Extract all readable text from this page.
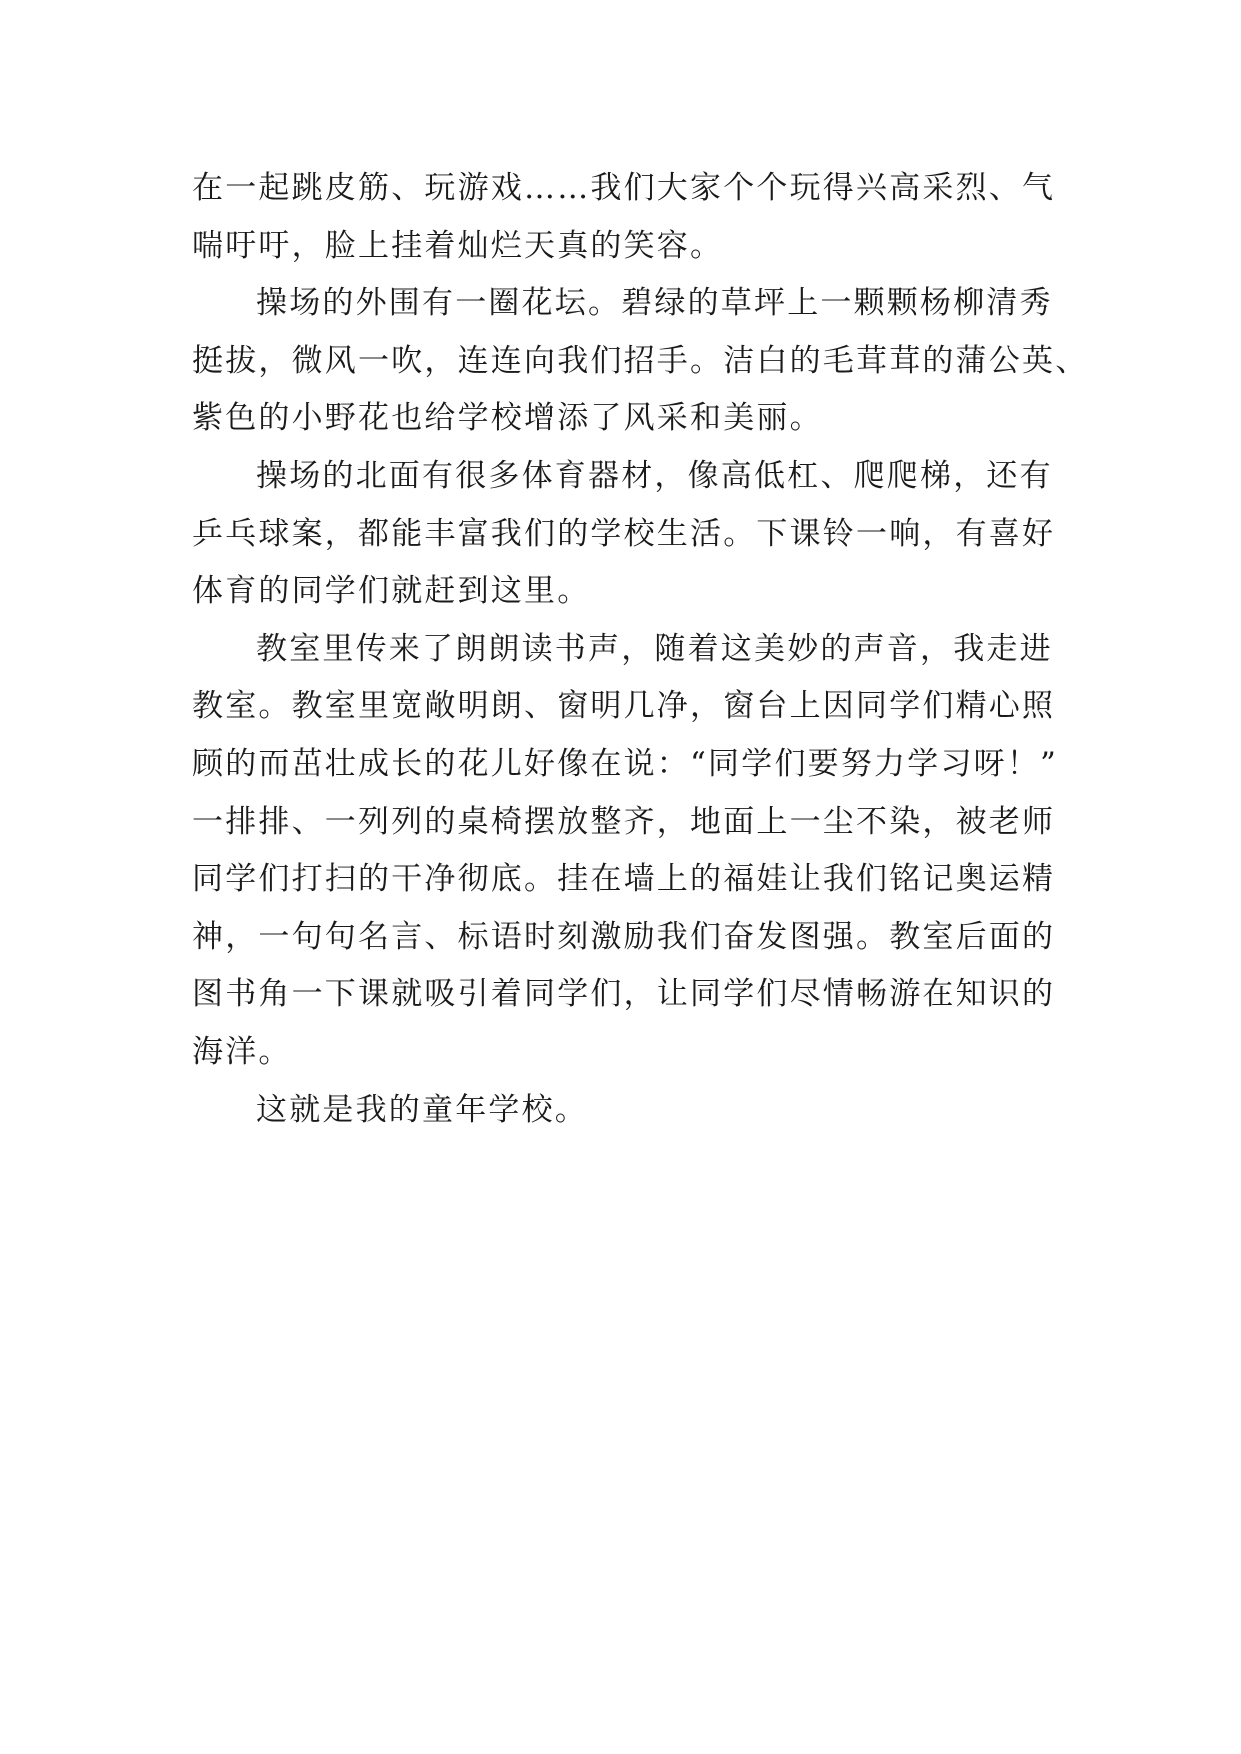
在一起跳皮筋、玩游戏……我们大家个个玩得兴高采烈、气
喘吁吁，脸上挂着灿烂天真的笑容。
操场的外围有一圈花坛。碧绿的草坪上一颗颗杨柳清秀
挺拔，微风一吹，连连向我们招手。洁白的毛茸茸的蒲公英、
紫色的小野花也给学校增添了风采和美丽。
操场的北面有很多体育器材，像高低杠、爬爬梯，还有
乒乓球案，都能丰富我们的学校生活。下课铃一响，有喜好
体育的同学们就赶到这里。
教室里传来了朗朗读书声，随着这美妙的声音，我走进
教室。教室里宽敞明朗、窗明几净，窗台上因同学们精心照
顾的而茁壮成长的花儿好像在说：“同学们要努力学习呀！”
一排排、一列列的桌椅摆放整齐，地面上一尘不染，被老师
同学们打扫的干净彻底。挂在墙上的福娃让我们铭记奥运精
神，一句句名言、标语时刻激励我们奋发图强。教室后面的
图书角一下课就吸引着同学们，让同学们尽情畅游在知识的
海洋。
这就是我的童年学校。
